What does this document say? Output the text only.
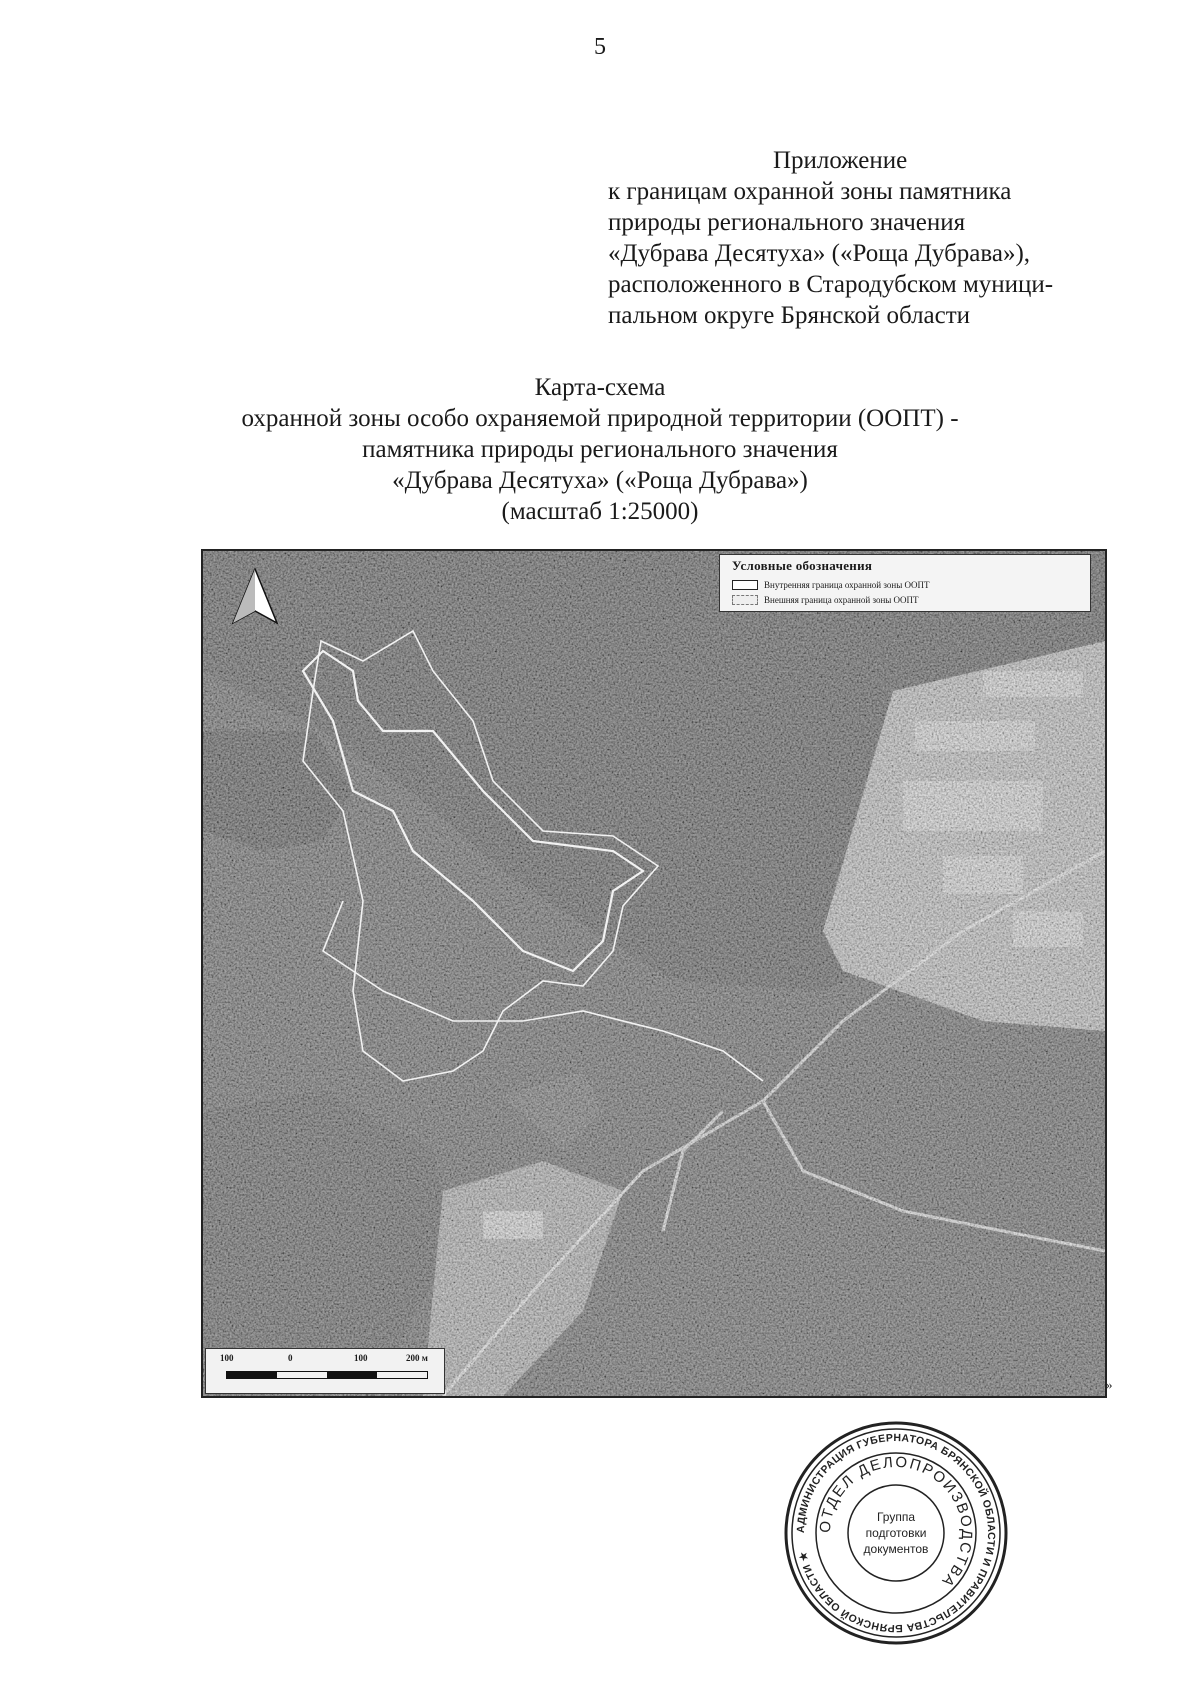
5
Приложение
к границам охранной зоны памятника
природы регионального значения
«Дубрава Десятуха» («Роща Дубрава»),
расположенного в Стародубском муници-
пальном округе Брянской области
Карта-схема
охранной зоны особо охраняемой природной территории (ООПТ) -
памятника природы регионального значения
«Дубрава Десятуха» («Роща Дубрава»)
(масштаб 1:25000)
Условные обозначения
Внутренняя граница охранной зоны ООПТ
Внешняя граница охранной зоны ООПТ
100	0	100	200 м
»
АДМИНИСТРАЦИЯ ГУБЕРНАТОРА БРЯНСКОЙ ОБЛАСТИ И ПРАВИТЕЛЬСТВА БРЯНСКОЙ ОБЛАСТИ ★
ОТДЕЛ ДЕЛОПРОИЗВОДСТВА
Группа
подготовки
документов
